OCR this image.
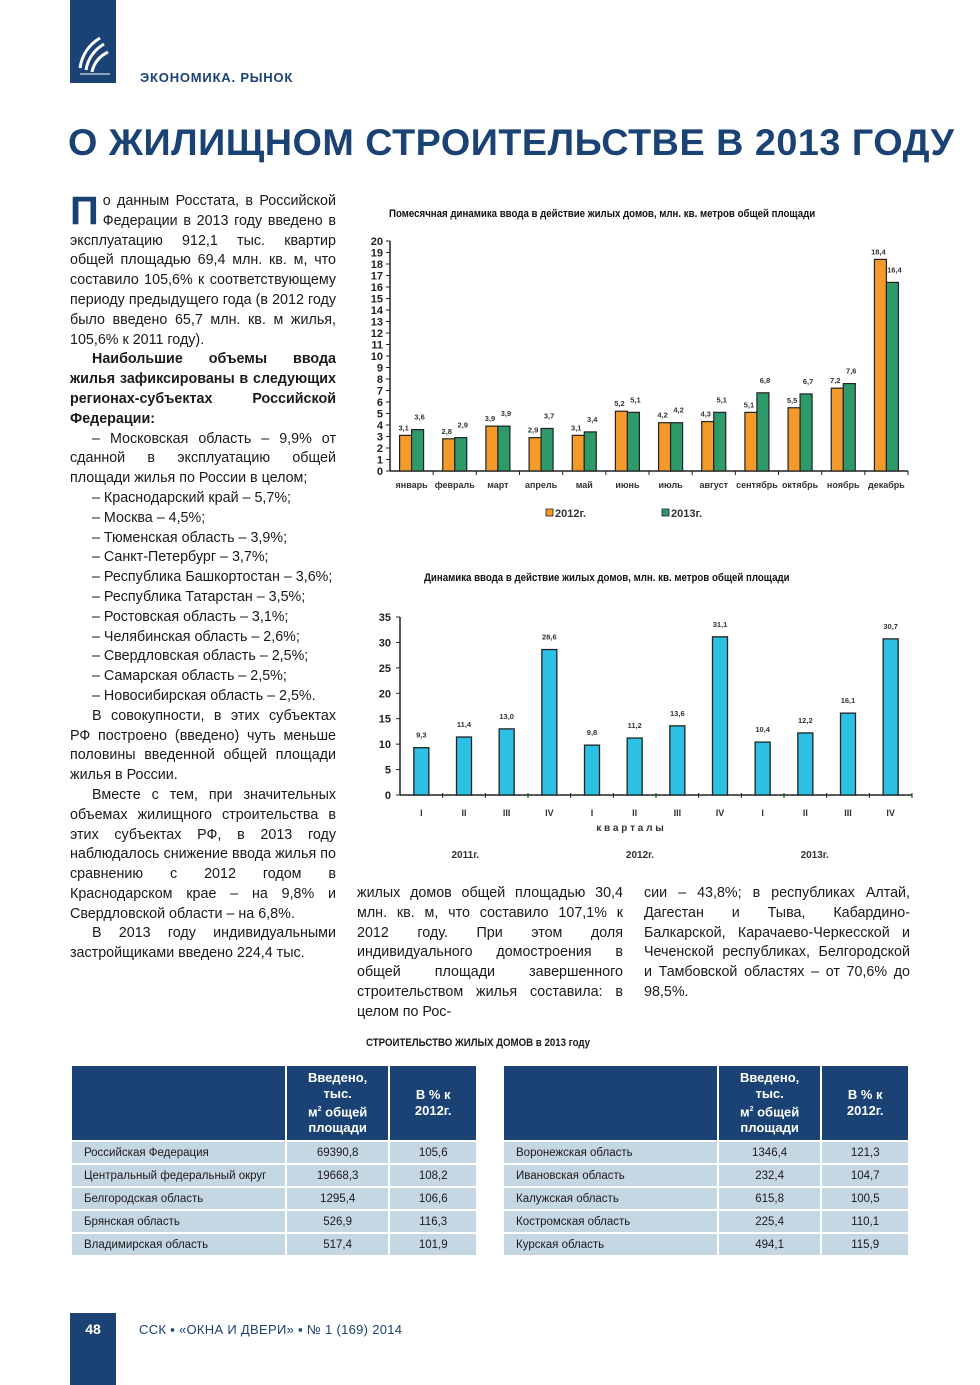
ЭКОНОМИКА. РЫНОК
О ЖИЛИЩНОМ СТРОИТЕЛЬСТВЕ В 2013 ГОДУ

По данным Росстата, в Российской Федерации в 2013 году введено в эксплуатацию 912,1 тыс. квартир общей площадью 69,4 млн. кв. м, что составило 105,6% к соответствующему периоду предыдущего года (в 2012 году было введено 65,7 млн. кв. м жилья, 105,6% к 2011 году).

Наибольшие объемы ввода жилья зафиксированы в следующих регионах-субъектах Российской Федерации:

– Московская область – 9,9% от сданной в эксплуатацию общей площади жилья по России в целом;

– Краснодарский край – 5,7%;

– Москва – 4,5%;

– Тюменская область – 3,9%;

– Санкт-Петербург – 3,7%;

– Республика Башкортостан – 3,6%;

– Республика Татарстан – 3,5%;

– Ростовская область – 3,1%;

– Челябинская область – 2,6%;

– Свердловская область – 2,5%;

– Самарская область – 2,5%;

– Новосибирская область – 2,5%.

В совокупности, в этих субъектах РФ построено (введено) чуть меньше половины введенной общей площади жилья в России.

Вместе с тем, при значительных объемах жилищного строительства в этих субъектах РФ, в 2013 году наблюдалось снижение ввода жилья по сравнению с 2012 годом в Краснодарском крае – на 9,8% и Свердловской области – на 6,8%.

В 2013 году индивидуальными застройщиками введено 224,4 тыс.

жилых домов общей площадью 30,4 млн. кв. м, что составило 107,1% к 2012 году. При этом доля индивидуального домостроения в общей площади завершенного строительством жилья составила: в целом по Рос-
сии – 43,8%; в республиках Алтай, Дагестан и Тыва, Кабардино-Балкарской, Карачаево-Черкесской и Чеченской республиках, Белгородской и Тамбовской областях – от 70,6% до 98,5%.
Помесячная динамика ввода в действие жилых домов, млн. кв. метров общей площади
0
1
2
3
4
5
6
7
8
9
10
11
12
13
14
15
16
17
18
19
20
3,1
3,6
январь
2,8
2,9
февраль
3,9
3,9
март
2,9
3,7
апрель
3,1
3,4
май
5,2 5,1
июнь
4,2
4,2
июль
4,3
5,1
август
5,1
6,8
сентябрь
5,5
6,7
октябрь
7,2
7,6
ноябрь
18,4
16,4
декабрь
2012г.	2013г.
Динамика ввода в действие жилых домов, млн. кв. метров общей площади
0
5
10
15
20
25
30
35
9,3
I
11,4
II
13,0
III
28,6
IV
9,8
I
11,2
II
13,6
III
31,1
IV
10,4
I
12,2
II
16,1
III
30,7
IV
к в а р т а л ы
2011г.	2012г.	2013г.
СТРОИТЕЛЬСТВО ЖИЛЫХ ДОМОВ в 2013 году
	Введено,
тыс.
$м^2$ общей
площади	В % к
2012г.
Российская Федерация	69390,8	105,6
Центральный федеральный округ	19668,3	108,2
Белгородская область	1295,4	106,6
Брянская область	526,9	116,3
Владимирская область	517,4	101,9
	Введено,
тыс.
$м^2$ общей
площади	В % к
2012г.
Воронежская область	1346,4	121,3
Ивановская область	232,4	104,7
Калужская область	615,8	100,5
Костромская область	225,4	110,1
Курская область	494,1	115,9
48	ССК ▪ «ОКНА И ДВЕРИ» ▪ № 1 (169) 2014
